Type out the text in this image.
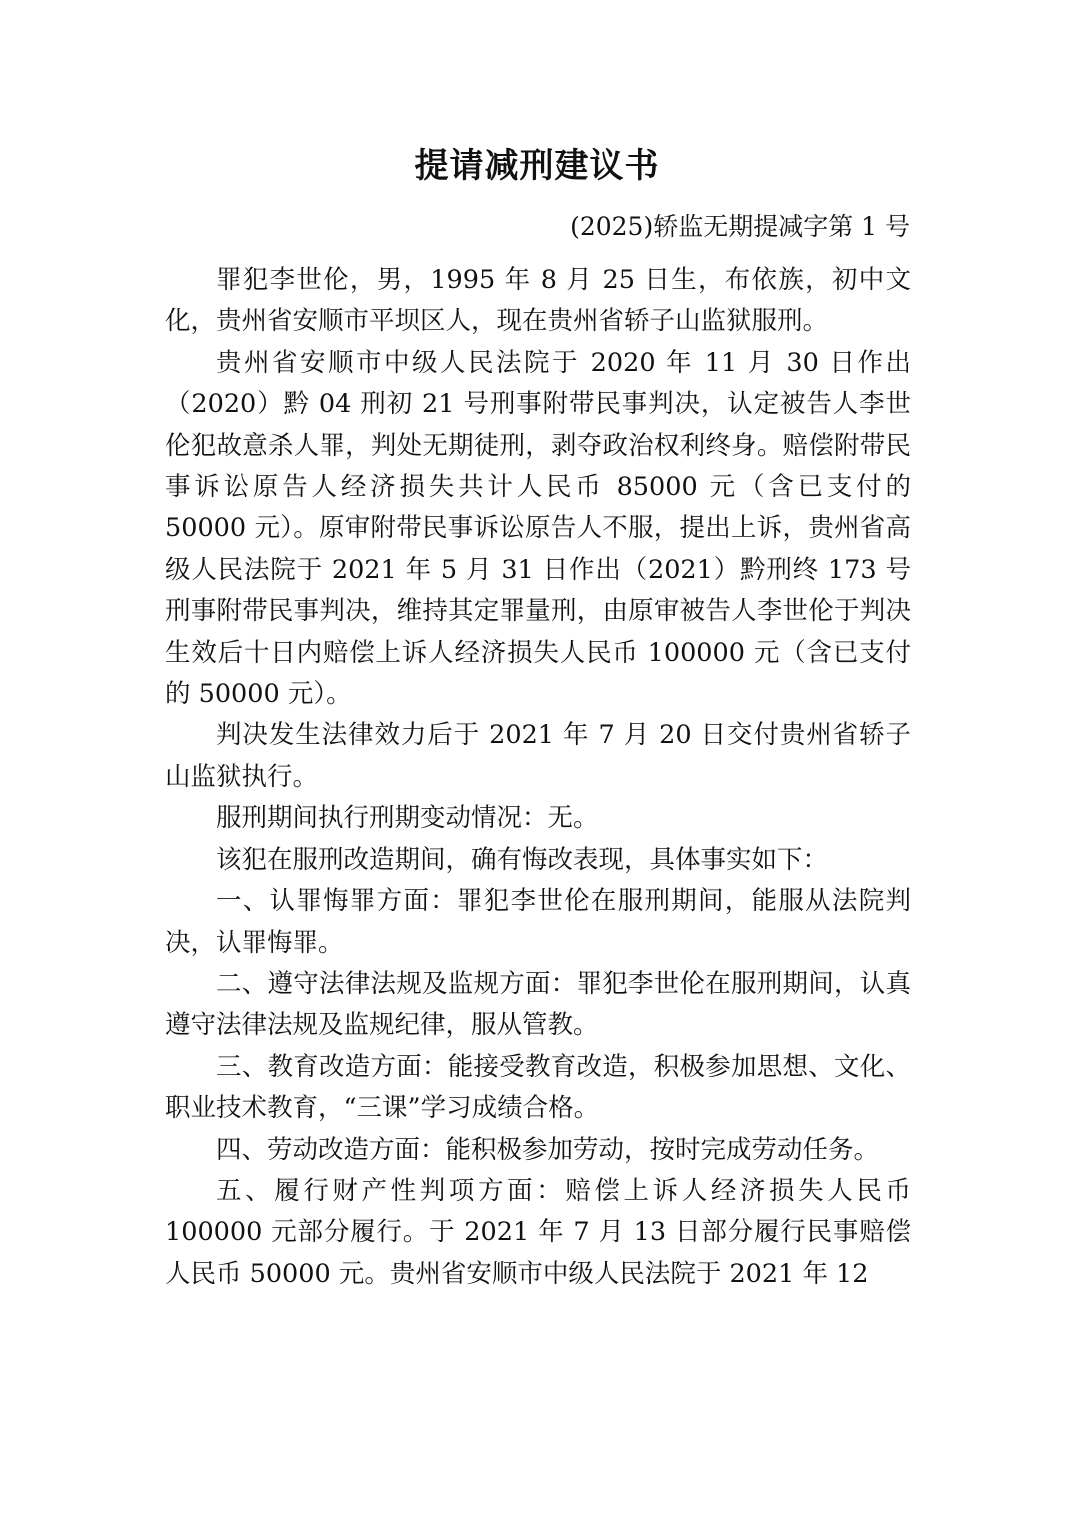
提请减刑建议书
(2025)轿监无期提减字第 1 号

罪犯李世伦，男，1995 年 8 月 25 日生，布依族，初中文化，贵州省安顺市平坝区人，现在贵州省轿子山监狱服刑。

贵州省安顺市中级人民法院于 2020 年 11 月 30 日作出（2020）黔 04 刑初 21 号刑事附带民事判决，认定被告人李世伦犯故意杀人罪，判处无期徒刑，剥夺政治权利终身。赔偿附带民事诉讼原告人经济损失共计人民币 85000 元（含已支付的 50000 元）。原审附带民事诉讼原告人不服，提出上诉，贵州省高级人民法院于 2021 年 5 月 31 日作出（2021）黔刑终 173 号刑事附带民事判决，维持其定罪量刑，由原审被告人李世伦于判决生效后十日内赔偿上诉人经济损失人民币 100000 元（含已支付的 50000 元）。

判决发生法律效力后于 2021 年 7 月 20 日交付贵州省轿子山监狱执行。

服刑期间执行刑期变动情况：无。

该犯在服刑改造期间，确有悔改表现，具体事实如下：

一、认罪悔罪方面：罪犯李世伦在服刑期间，能服从法院判决，认罪悔罪。

二、遵守法律法规及监规方面：罪犯李世伦在服刑期间，认真遵守法律法规及监规纪律，服从管教。

三、教育改造方面：能接受教育改造，积极参加思想、文化、职业技术教育，“三课”学习成绩合格。

四、劳动改造方面：能积极参加劳动，按时完成劳动任务。

五、履行财产性判项方面：赔偿上诉人经济损失人民币 100000 元部分履行。于 2021 年 7 月 13 日部分履行民事赔偿人民币 50000 元。贵州省安顺市中级人民法院于 2021 年 12
